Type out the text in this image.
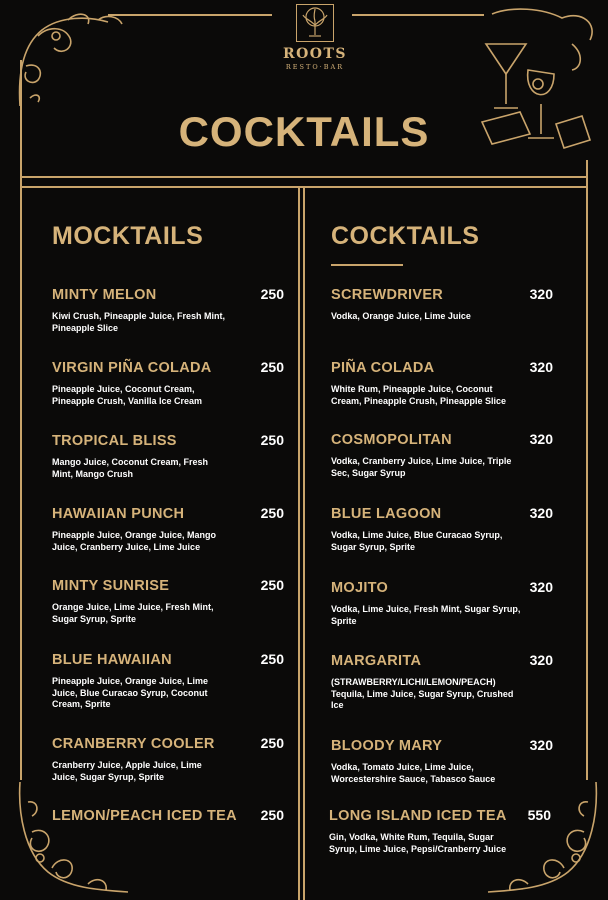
ROOTS
RESTO·BAR
COCKTAILS
MOCKTAILS
MINTY MELON	250
Kiwi Crush, Pineapple Juice, Fresh Mint, Pineapple Slice
VIRGIN PIÑA COLADA	250
Pineapple Juice, Coconut Cream, Pineapple Crush, Vanilla Ice Cream
TROPICAL BLISS	250
Mango Juice, Coconut Cream, Fresh Mint, Mango Crush
HAWAIIAN PUNCH	250
Pineapple Juice, Orange Juice, Mango Juice, Cranberry Juice, Lime Juice
MINTY SUNRISE	250
Orange Juice, Lime Juice, Fresh Mint, Sugar Syrup, Sprite
BLUE HAWAIIAN	250
Pineapple Juice, Orange Juice, Lime Juice, Blue Curacao Syrup, Coconut Cream, Sprite
CRANBERRY COOLER	250
Cranberry Juice, Apple Juice, Lime Juice, Sugar Syrup, Sprite
LEMON/PEACH ICED TEA 250
COCKTAILS
SCREWDRIVER	320
Vodka, Orange Juice, Lime Juice
PIÑA COLADA	320
White Rum, Pineapple Juice, Coconut Cream, Pineapple Crush, Pineapple Slice
COSMOPOLITAN	320
Vodka, Cranberry Juice, Lime Juice, Triple Sec, Sugar Syrup
BLUE LAGOON	320
Vodka, Lime Juice, Blue Curacao Syrup, Sugar Syrup, Sprite
MOJITO	320
Vodka, Lime Juice, Fresh Mint, Sugar Syrup, Sprite
MARGARITA	320
(STRAWBERRY/LICHI/LEMON/PEACH) Tequila, Lime Juice, Sugar Syrup, Crushed Ice
BLOODY MARY	320
Vodka, Tomato Juice, Lime Juice, Worcestershire Sauce, Tabasco Sauce
LONG ISLAND ICED TEA 550
Gin, Vodka, White Rum, Tequila, Sugar Syrup, Lime Juice, Pepsi/Cranberry Juice
